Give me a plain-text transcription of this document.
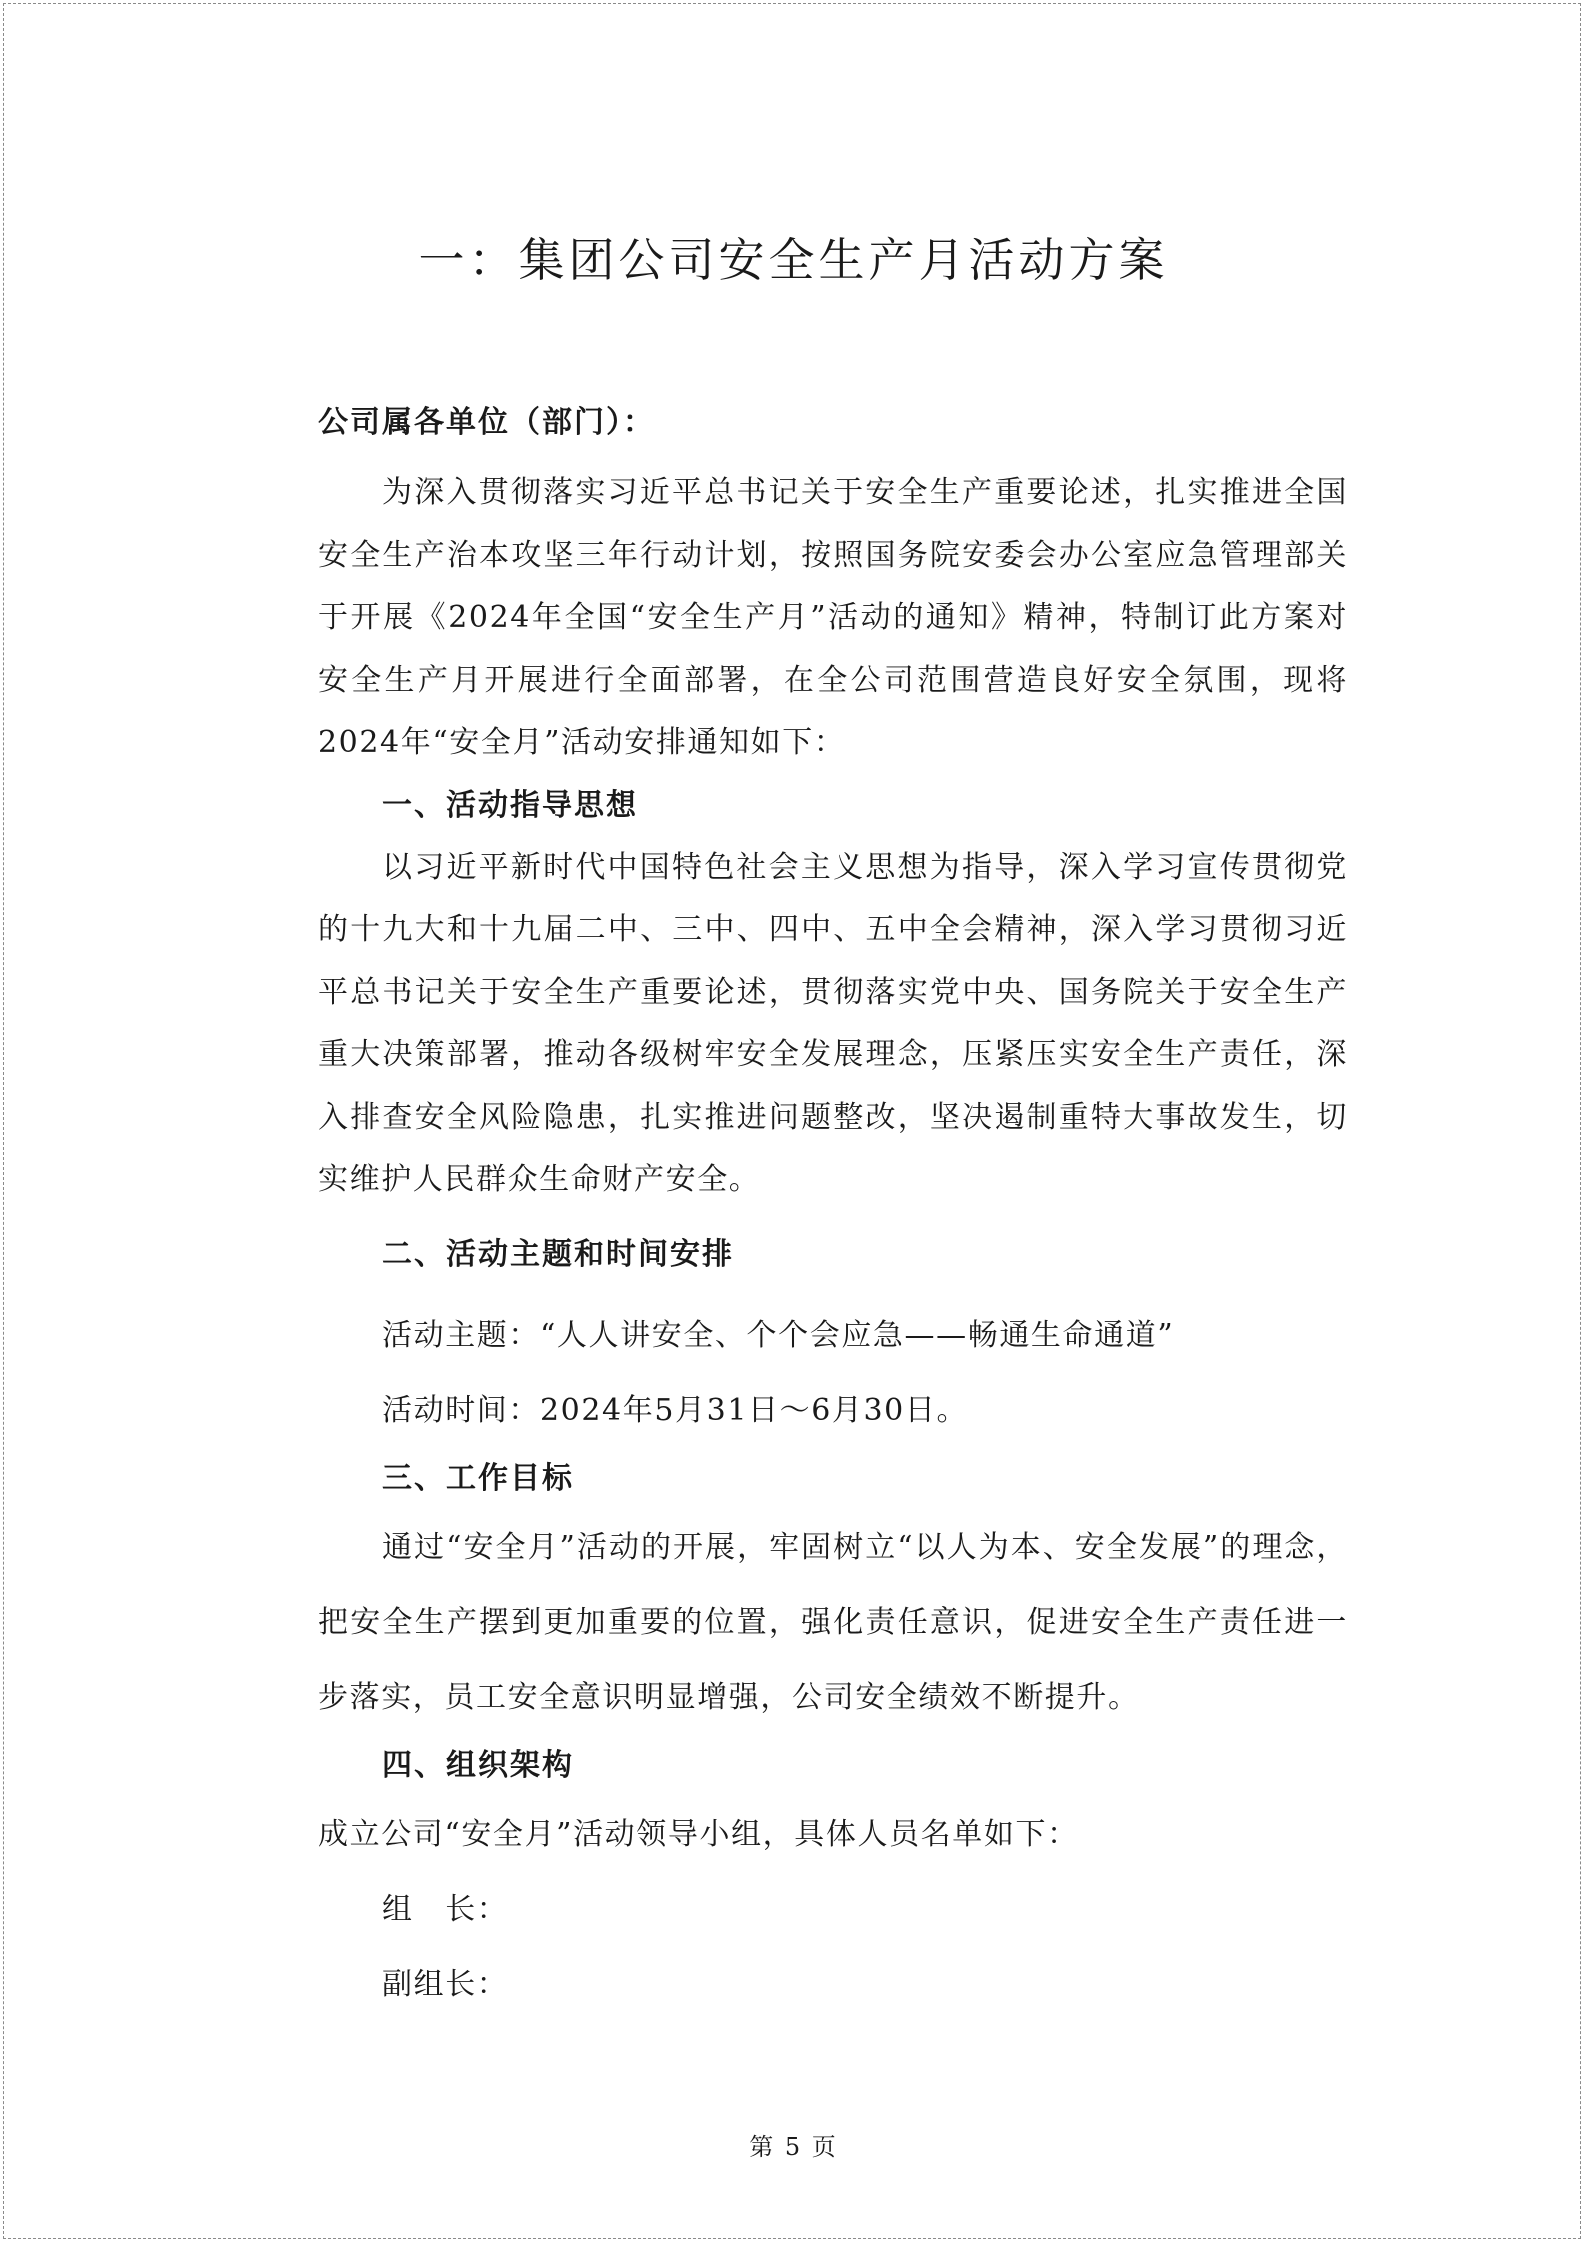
一：集团公司安全生产月活动方案

公司属各单位（部门）：

为深入贯彻落实习近平总书记关于安全生产重要论述，扎实推进全国安全生产治本攻坚三年行动计划，按照国务院安委会办公室应急管理部关于开展《2024年全国“安全生产月”活动的通知》精神，特制订此方案对安全生产月开展进行全面部署，在全公司范围营造良好安全氛围，现将2024年“安全月”活动安排通知如下：

一、活动指导思想

以习近平新时代中国特色社会主义思想为指导，深入学习宣传贯彻党的十九大和十九届二中、三中、四中、五中全会精神，深入学习贯彻习近平总书记关于安全生产重要论述，贯彻落实党中央、国务院关于安全生产重大决策部署，推动各级树牢安全发展理念，压紧压实安全生产责任，深入排查安全风险隐患，扎实推进问题整改，坚决遏制重特大事故发生，切实维护人民群众生命财产安全。

二、活动主题和时间安排

活动主题：“人人讲安全、个个会应急——畅通生命通道”

活动时间：2024年5月31日～6月30日。

三、工作目标

通过“安全月”活动的开展，牢固树立“以人为本、安全发展”的理念，把安全生产摆到更加重要的位置，强化责任意识，促进安全生产责任进一步落实，员工安全意识明显增强，公司安全绩效不断提升。

四、组织架构

成立公司“安全月”活动领导小组，具体人员名单如下：

组　长：

副组长：

第 5 页
